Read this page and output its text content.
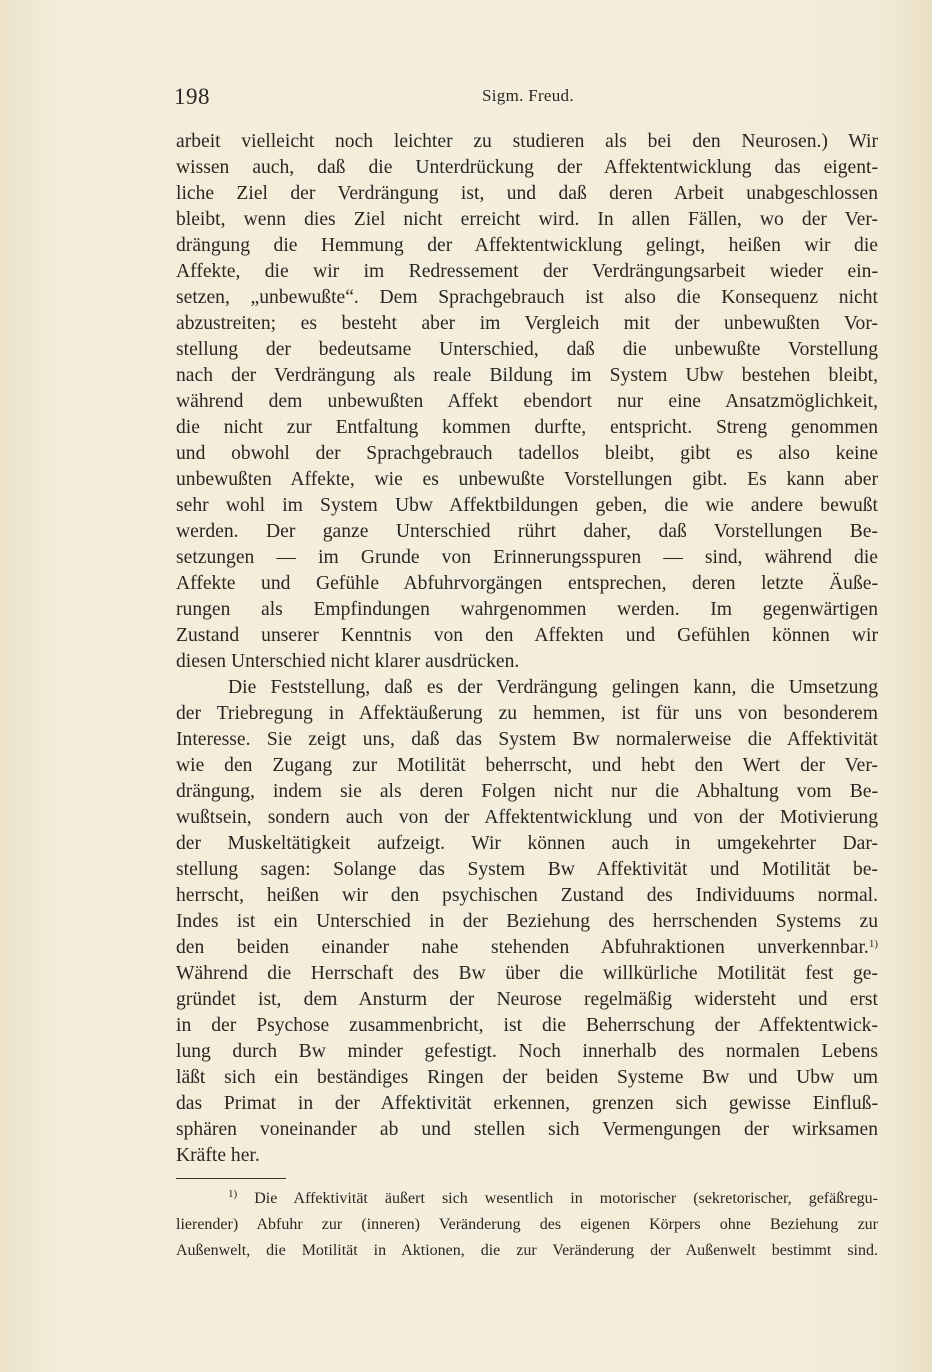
198	Sigm. Freud.
arbeit vielleicht noch leichter zu studieren als bei den Neurosen.) Wir
wissen auch, daß die Unterdrückung der Affektentwicklung das eigent-
liche Ziel der Verdrängung ist, und daß deren Arbeit unabgeschlossen
bleibt, wenn dies Ziel nicht erreicht wird. In allen Fällen, wo der Ver-
drängung die Hemmung der Affektentwicklung gelingt, heißen wir die
Affekte, die wir im Redressement der Verdrängungsarbeit wieder ein-
setzen, „unbewußte“. Dem Sprachgebrauch ist also die Konsequenz nicht
abzustreiten; es besteht aber im Vergleich mit der unbewußten Vor-
stellung der bedeutsame Unterschied, daß die unbewußte Vorstellung
nach der Verdrängung als reale Bildung im System Ubw bestehen bleibt,
während dem unbewußten Affekt ebendort nur eine Ansatzmöglichkeit,
die nicht zur Entfaltung kommen durfte, entspricht. Streng genommen
und obwohl der Sprachgebrauch tadellos bleibt, gibt es also keine
unbewußten Affekte, wie es unbewußte Vorstellungen gibt. Es kann aber
sehr wohl im System Ubw Affektbildungen geben, die wie andere bewußt
werden. Der ganze Unterschied rührt daher, daß Vorstellungen Be-
setzungen — im Grunde von Erinnerungsspuren — sind, während die
Affekte und Gefühle Abfuhrvorgängen entsprechen, deren letzte Äuße-
rungen als Empfindungen wahrgenommen werden. Im gegenwärtigen
Zustand unserer Kenntnis von den Affekten und Gefühlen können wir
diesen Unterschied nicht klarer ausdrücken.
Die Feststellung, daß es der Verdrängung gelingen kann, die Umsetzung
der Triebregung in Affektäußerung zu hemmen, ist für uns von besonderem
Interesse. Sie zeigt uns, daß das System Bw normalerweise die Affektivität
wie den Zugang zur Motilität beherrscht, und hebt den Wert der Ver-
drängung, indem sie als deren Folgen nicht nur die Abhaltung vom Be-
wußtsein, sondern auch von der Affektentwicklung und von der Motivierung
der Muskeltätigkeit aufzeigt. Wir können auch in umgekehrter Dar-
stellung sagen: Solange das System Bw Affektivität und Motilität be-
herrscht, heißen wir den psychischen Zustand des Individuums normal.
Indes ist ein Unterschied in der Beziehung des herrschenden Systems zu
den beiden einander nahe stehenden Abfuhraktionen unverkennbar.$^{1)}$
Während die Herrschaft des Bw über die willkürliche Motilität fest ge-
gründet ist, dem Ansturm der Neurose regelmäßig widersteht und erst
in der Psychose zusammenbricht, ist die Beherrschung der Affektentwick-
lung durch Bw minder gefestigt. Noch innerhalb des normalen Lebens
läßt sich ein beständiges Ringen der beiden Systeme Bw und Ubw um
das Primat in der Affektivität erkennen, grenzen sich gewisse Einfluß-
sphären voneinander ab und stellen sich Vermengungen der wirksamen
Kräfte her.
$^{1)}$ Die Affektivität äußert sich wesentlich in motorischer (sekretorischer, gefäßregu-
lierender) Abfuhr zur (inneren) Veränderung des eigenen Körpers ohne Beziehung zur
Außenwelt, die Motilität in Aktionen, die zur Veränderung der Außenwelt bestimmt sind.
